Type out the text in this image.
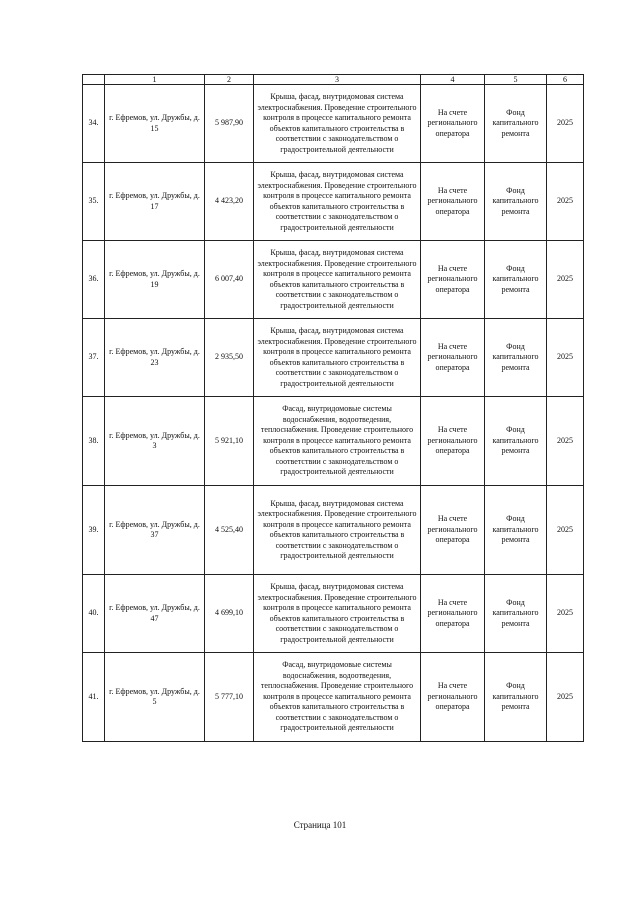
	1	2	3	4	5	6
34.	г. Ефремов, ул. Дружбы, д. 15	5 987,90	Крыша, фасад, внутридомовая система электроснабжения. Проведение строительного контроля в процессе капитального ремонта объектов капитального строительства в соответствии с законодательством о градостроительной деятельности	На счете регионального оператора	Фонд капитального ремонта	2025
35.	г. Ефремов, ул. Дружбы, д. 17	4 423,20	Крыша, фасад, внутридомовая система электроснабжения. Проведение строительного контроля в процессе капитального ремонта объектов капитального строительства в соответствии с законодательством о градостроительной деятельности	На счете регионального оператора	Фонд капитального ремонта	2025
36.	г. Ефремов, ул. Дружбы, д. 19	6 007,40	Крыша, фасад, внутридомовая система электроснабжения. Проведение строительного контроля в процессе капитального ремонта объектов капитального строительства в соответствии с законодательством о градостроительной деятельности	На счете регионального оператора	Фонд капитального ремонта	2025
37.	г. Ефремов, ул. Дружбы, д. 23	2 935,50	Крыша, фасад, внутридомовая система электроснабжения. Проведение строительного контроля в процессе капитального ремонта объектов капитального строительства в соответствии с законодательством о градостроительной деятельности	На счете регионального оператора	Фонд капитального ремонта	2025
38.	г. Ефремов, ул. Дружбы, д. 3	5 921,10	Фасад, внутридомовые системы водоснабжения, водоотведения, теплоснабжения. Проведение строительного контроля в процессе капитального ремонта объектов капитального строительства в соответствии с законодательством о градостроительной деятельности	На счете регионального оператора	Фонд капитального ремонта	2025
39.	г. Ефремов, ул. Дружбы, д. 37	4 525,40	Крыша, фасад, внутридомовая система электроснабжения. Проведение строительного контроля в процессе капитального ремонта объектов капитального строительства в соответствии с законодательством о градостроительной деятельности	На счете регионального оператора	Фонд капитального ремонта	2025
40.	г. Ефремов, ул. Дружбы, д. 47	4 699,10	Крыша, фасад, внутридомовая система электроснабжения. Проведение строительного контроля в процессе капитального ремонта объектов капитального строительства в соответствии с законодательством о градостроительной деятельности	На счете регионального оператора	Фонд капитального ремонта	2025
41.	г. Ефремов, ул. Дружбы, д. 5	5 777,10	Фасад, внутридомовые системы водоснабжения, водоотведения, теплоснабжения. Проведение строительного контроля в процессе капитального ремонта объектов капитального строительства в соответствии с законодательством о градостроительной деятельности	На счете регионального оператора	Фонд капитального ремонта	2025
Страница 101
